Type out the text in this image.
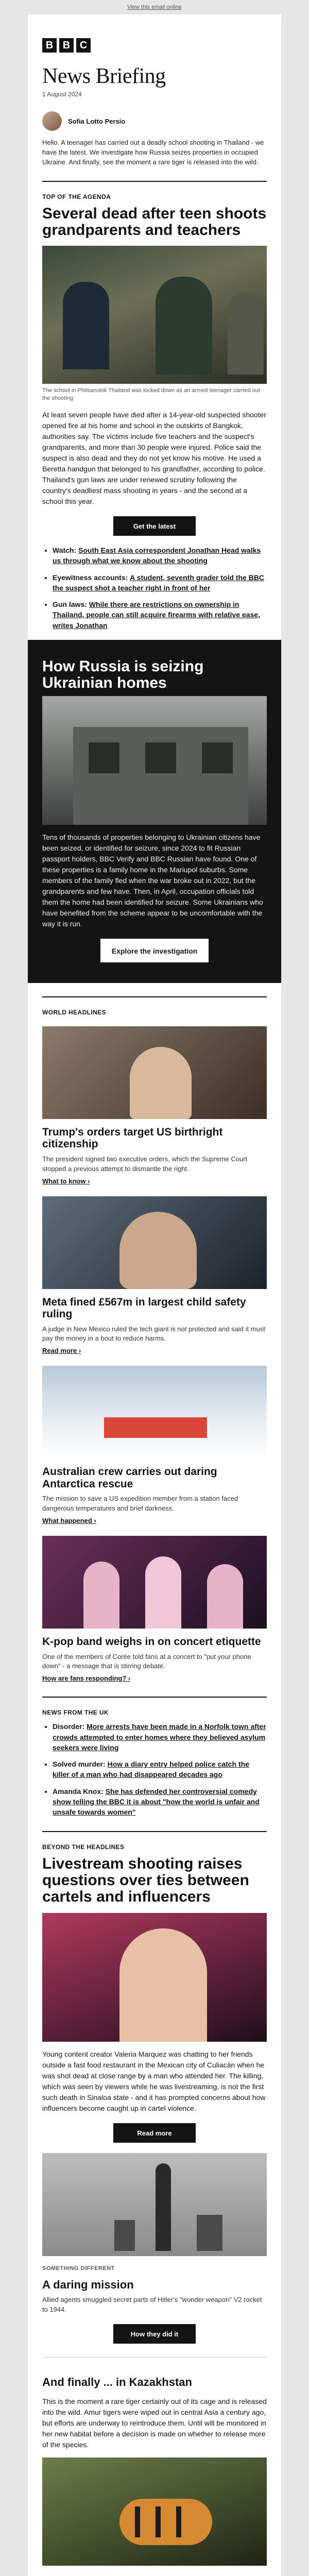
View this email online
B B C
News Briefing
1 August 2024
Sofia Lotto Persio

Hello. A teenager has carried out a deadly school shooting in Thailand - we have the latest. We investigate how Russia seizes properties in occupied Ukraine. And finally, see the moment a rare tiger is released into the wild.

TOP OF THE AGENDA
Several dead after teen shoots grandparents and teachers
The school in Phitsanulok Thailand was locked down as an armed teenager carried out the shooting

At least seven people have died after a 14-year-old suspected shooter opened fire at his home and school in the outskirts of Bangkok, authorities say. The victims include five teachers and the suspect's grandparents, and more than 30 people were injured. Police said the suspect is also dead and they do not yet know his motive. He used a Beretta handgun that belonged to his grandfather, according to police. Thailand's gun laws are under renewed scrutiny following the country's deadliest mass shooting in years - and the second at a school this year.

Get the latest
• Watch: South East Asia correspondent Jonathan Head walks us through what we know about the shooting
• Eyewitness accounts: A student, seventh grader told the BBC the suspect shot a teacher right in front of her
• Gun laws: While there are restrictions on ownership in Thailand, people can still acquire firearms with relative ease, writes Jonathan
How Russia is seizing Ukrainian homes

Tens of thousands of properties belonging to Ukrainian citizens have been seized, or identified for seizure, since 2024 to fit Russian passport holders, BBC Verify and BBC Russian have found. One of these properties is a family home in the Mariupol suburbs. Some members of the family fled when the war broke out in 2022, but the grandparents and few have. Then, in April, occupation officials told them the home had been identified for seizure. Some Ukrainians who have benefited from the scheme appear to be uncomfortable with the way it is run.

Explore the investigation
WORLD HEADLINES
Trump's orders target US birthright citizenship
The president signed two executive orders, which the Supreme Court stopped a previous attempt to dismantle the right.
What to know ›
Meta fined £567m in largest child safety ruling
A judge in New Mexico ruled the tech giant is not protected and said it must pay the money in a bout to reduce harms.
Read more ›
Australian crew carries out daring Antarctica rescue
The mission to save a US expedition member from a station faced dangerous temperatures and brief darkness.
What happened ›
K-pop band weighs in on concert etiquette
One of the members of Corée told fans at a concert to "put your phone down" - a message that is stirring debate.
How are fans responding? ›
NEWS FROM THE UK
• Disorder: More arrests have been made in a Norfolk town after crowds attempted to enter homes where they believed asylum seekers were living
• Solved murder: How a diary entry helped police catch the killer of a man who had disappeared decades ago
• Amanda Knox: She has defended her controversial comedy show telling the BBC it is about "how the world is unfair and unsafe towards women"
BEYOND THE HEADLINES
Livestream shooting raises questions over ties between cartels and influencers

Young content creator Valeria Marquez was chatting to her friends outside a fast food restaurant in the Mexican city of Culiacán when he was shot dead at close range by a man who attended her. The killing, which was seen by viewers while he was livestreaming, is not the first such death in Sinaloa state - and it has prompted concerns about how influencers become caught up in cartel violence.

Read more
SOMETHING DIFFERENT
A daring mission
Allied agents smuggled secret parts of Hitler's "wonder weapon" V2 rocket to 1944.
How they did it
And finally ... in Kazakhstan

This is the moment a rare tiger certainly out of its cage and is released into the wild. Amur tigers were wiped out in central Asia a century ago, but efforts are underway to reintroduce them. Until will be monitored in her new habitat before a decision is made on whether to release more of the species.
